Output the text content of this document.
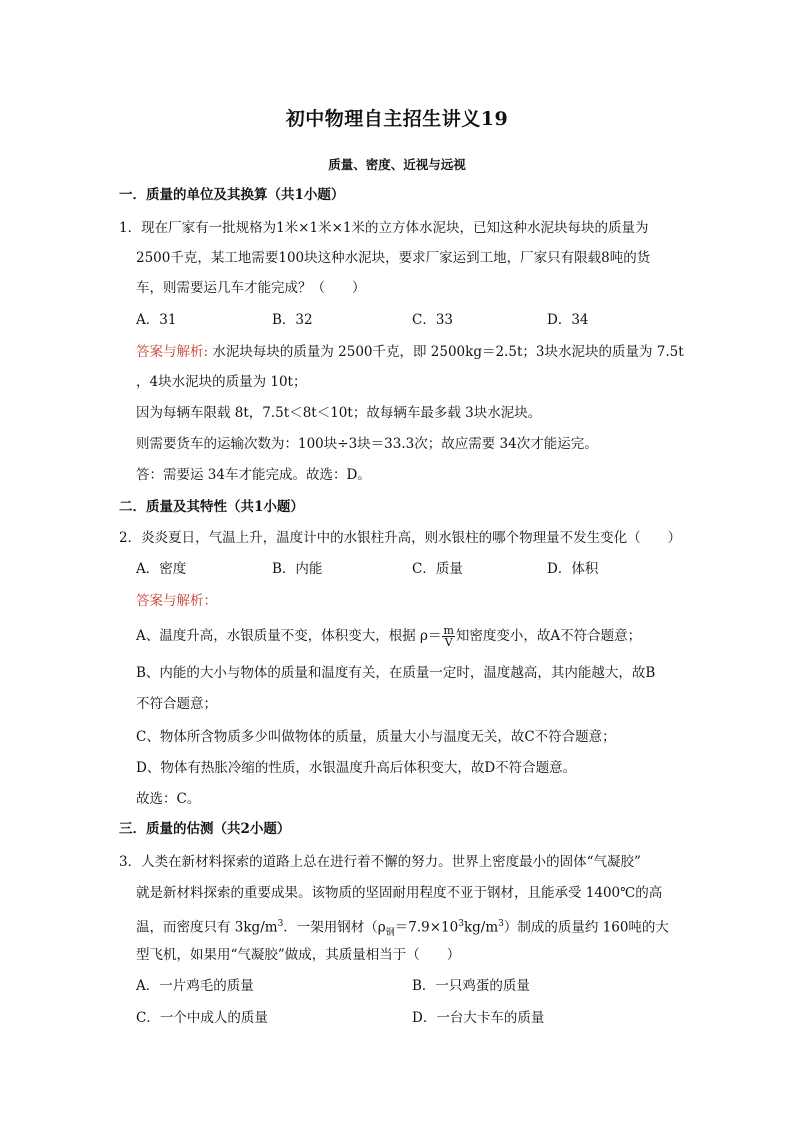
初中物理自主招生讲义19
质量、密度、近视与远视
一．质量的单位及其换算（共1小题）
1．现在厂家有一批规格为1米×1米×1米的立方体水泥块，已知这种水泥块每块的质量为
2500千克，某工地需要100块这种水泥块，要求厂家运到工地，厂家只有限载8吨的货
车，则需要运几车才能完成？（　　）
A．31	B．32	C．33	D．34
答案与解析: 水泥块每块的质量为 2500千克，即 2500kg＝2.5t；3块水泥块的质量为 7.5t
，4块水泥块的质量为 10t；
因为每辆车限载 8t，7.5t＜8t＜10t；故每辆车最多载 3块水泥块。
则需要货车的运输次数为：100块÷3块＝33.3次；故应需要 34次才能运完。
答：需要运 34车才能完成。故选：D。
二．质量及其特性（共1小题）
2．炎炎夏日，气温上升，温度计中的水银柱升高，则水银柱的哪个物理量不发生变化（　　）
A．密度	B．内能	C．质量	D．体积
答案与解析：
A、温度升高，水银质量不变，体积变大，根据 $\rho= \frac{m}{V}$ 知密度变小，故A不符合题意；
B、内能的大小与物体的质量和温度有关，在质量一定时，温度越高，其内能越大，故B
不符合题意；
C、物体所含物质多少叫做物体的质量，质量大小与温度无关，故C不符合题意；
D、物体有热胀冷缩的性质，水银温度升高后体积变大，故D不符合题意。
故选：C。
三．质量的估测（共2小题）
3．人类在新材料探索的道路上总在进行着不懈的努力。世界上密度最小的固体“气凝胶”
就是新材料探索的重要成果。该物质的坚固耐用程度不亚于钢材，且能承受 1400℃的高
温，而密度只有 $3kg/m^3$．一架用钢材$(\rho_钢=7.9\times 10^3kg/m^3)$制成的质量约 160吨的大
型飞机，如果用“气凝胶”做成，其质量相当于（　　）
A．一片鸡毛的质量	B．一只鸡蛋的质量
C．一个中成人的质量	D．一台大卡车的质量
